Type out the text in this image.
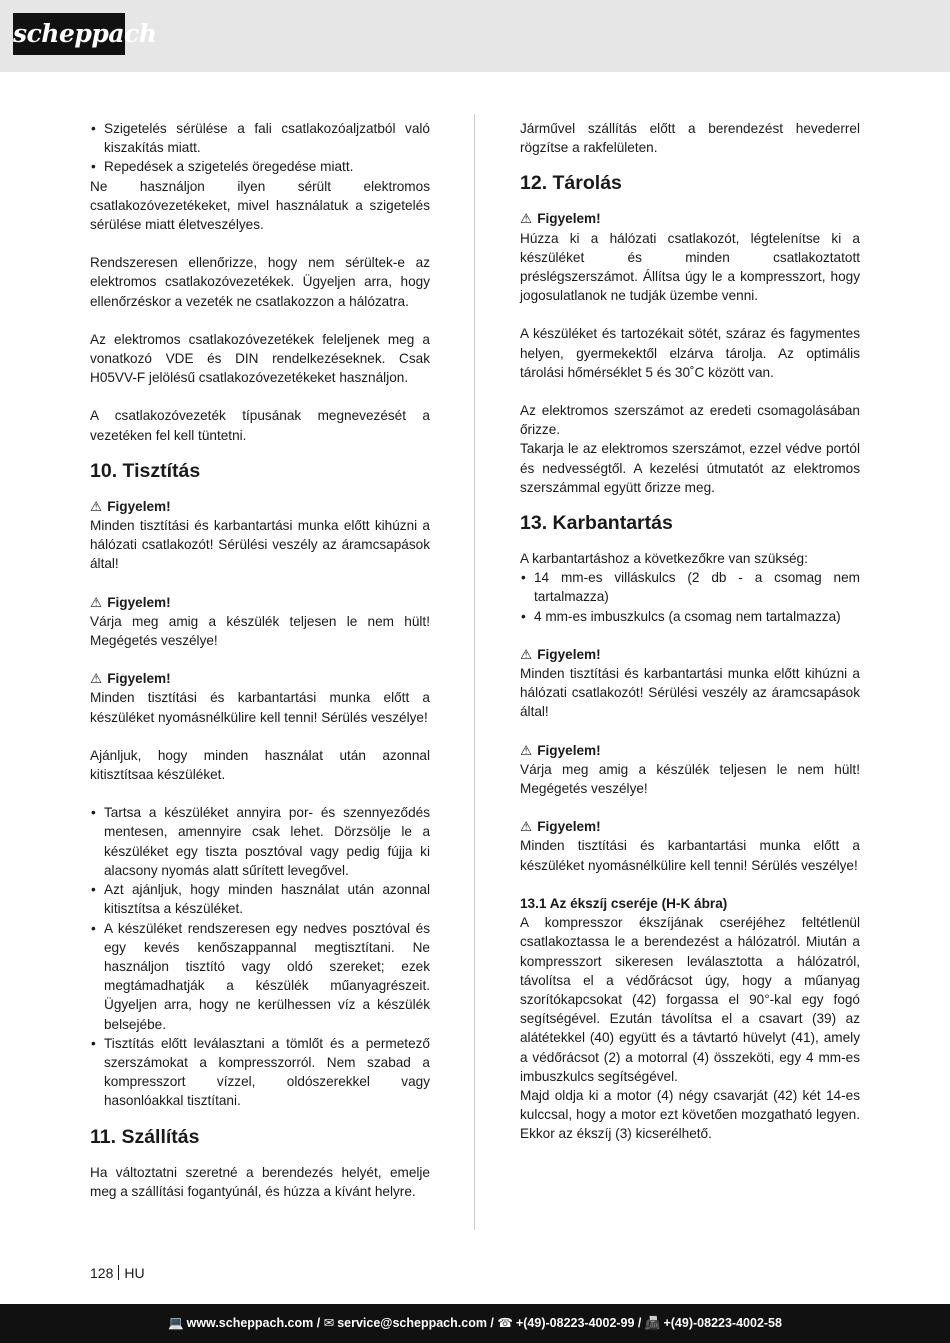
scheppach
• Szigetelés sérülése a fali csatlakozóaljzatból való kiszakítás miatt.
• Repedések a szigetelés öregedése miatt.

Ne használjon ilyen sérült elektromos csatlakozóvezetékeket, mivel használatuk a szigetelés sérülése miatt életveszélyes.

Rendszeresen ellenőrizze, hogy nem sérültek-e az elektromos csatlakozóvezetékek. Ügyeljen arra, hogy ellenőrzéskor a vezeték ne csatlakozzon a hálózatra.

Az elektromos csatlakozóvezetékek feleljenek meg a vonatkozó VDE és DIN rendelkezéseknek. Csak H05VV-F jelölésű csatlakozóvezetékeket használjon.

A csatlakozóvezeték típusának megnevezését a vezetéken fel kell tüntetni.

10. Tisztítás

⚠ Figyelem!

Minden tisztítási és karbantartási munka előtt kihúzni a hálózati csatlakozót! Sérülési veszély az áramcsapások által!

⚠ Figyelem!

Várja meg amig a készülék teljesen le nem hült! Megégetés veszélye!

⚠ Figyelem!

Minden tisztítási és karbantartási munka előtt a készüléket nyomásnélkülire kell tenni! Sérülés veszélye!

Ajánljuk, hogy minden használat után azonnal kitisztítsaa készüléket.

• Tartsa a készüléket annyira por- és szennyeződés mentesen, amennyire csak lehet. Dörzsölje le a készüléket egy tiszta posztóval vagy pedig fújja ki alacsony nyomás alatt sűrített levegővel.
• Azt ajánljuk, hogy minden használat után azonnal kitisztítsa a készüléket.
• A készüléket rendszeresen egy nedves posztóval és egy kevés kenőszappannal megtisztítani. Ne használjon tisztító vagy oldó szereket; ezek megtámadhatják a készülék műanyagrészeit. Ügyeljen arra, hogy ne kerülhessen víz a készülék belsejébe.
• Tisztítás előtt leválasztani a tömlőt és a permetező szerszámokat a kompresszorról. Nem szabad a kompresszort vízzel, oldószerekkel vagy hasonlóakkal tisztítani.
11. Szállítás

Ha változtatni szeretné a berendezés helyét, emelje meg a szállítási fogantyúnál, és húzza a kívánt helyre.

Járművel szállítás előtt a berendezést hevederrel rögzítse a rakfelületen.

12. Tárolás

⚠ Figyelem!

Húzza ki a hálózati csatlakozót, légtelenítse ki a készüléket és minden csatlakoztatott préslégszerszámot. Állítsa úgy le a kompresszort, hogy jogosulatlanok ne tudják üzembe venni.

A készüléket és tartozékait sötét, száraz és fagymentes helyen, gyermekektől elzárva tárolja. Az optimális tárolási hőmérséklet 5 és 30˚C között van.

Az elektromos szerszámot az eredeti csomagolásában őrizze.

Takarja le az elektromos szerszámot, ezzel védve portól és nedvességtől. A kezelési útmutatót az elektromos szerszámmal együtt őrizze meg.

13. Karbantartás

A karbantartáshoz a következőkre van szükség:

• 14 mm-es villáskulcs (2 db - a csomag nem tartalmazza)
• 4 mm-es imbuszkulcs (a csomag nem tartalmazza)

⚠ Figyelem!

Minden tisztítási és karbantartási munka előtt kihúzni a hálózati csatlakozót! Sérülési veszély az áramcsapások által!

⚠ Figyelem!

Várja meg amig a készülék teljesen le nem hült! Megégetés veszélye!

⚠ Figyelem!

Minden tisztítási és karbantartási munka előtt a készüléket nyomásnélkülire kell tenni! Sérülés veszélye!

13.1 Az ékszíj cseréje (H-K ábra)

A kompresszor ékszíjának cseréjéhez feltétlenül csatlakoztassa le a berendezést a hálózatról. Miután a kompresszort sikeresen leválasztotta a hálózatról, távolítsa el a védőrácsot úgy, hogy a műanyag szorítókapcsokat (42) forgassa el 90°-kal egy fogó segítségével. Ezután távolítsa el a csavart (39) az alátétekkel (40) együtt és a távtartó hüvelyt (41), amely a védőrácsot (2) a motorral (4) összeköti, egy 4 mm-es imbuszkulcs segítségével.

Majd oldja ki a motor (4) négy csavarját (42) két 14-es kulccsal, hogy a motor ezt követően mozgatható legyen. Ekkor az ékszíj (3) kicserélhető.

128 HU
💻 www.scheppach.com / ✉ service@scheppach.com / ☎ +(49)-08223-4002-99 / 📠 +(49)-08223-4002-58
